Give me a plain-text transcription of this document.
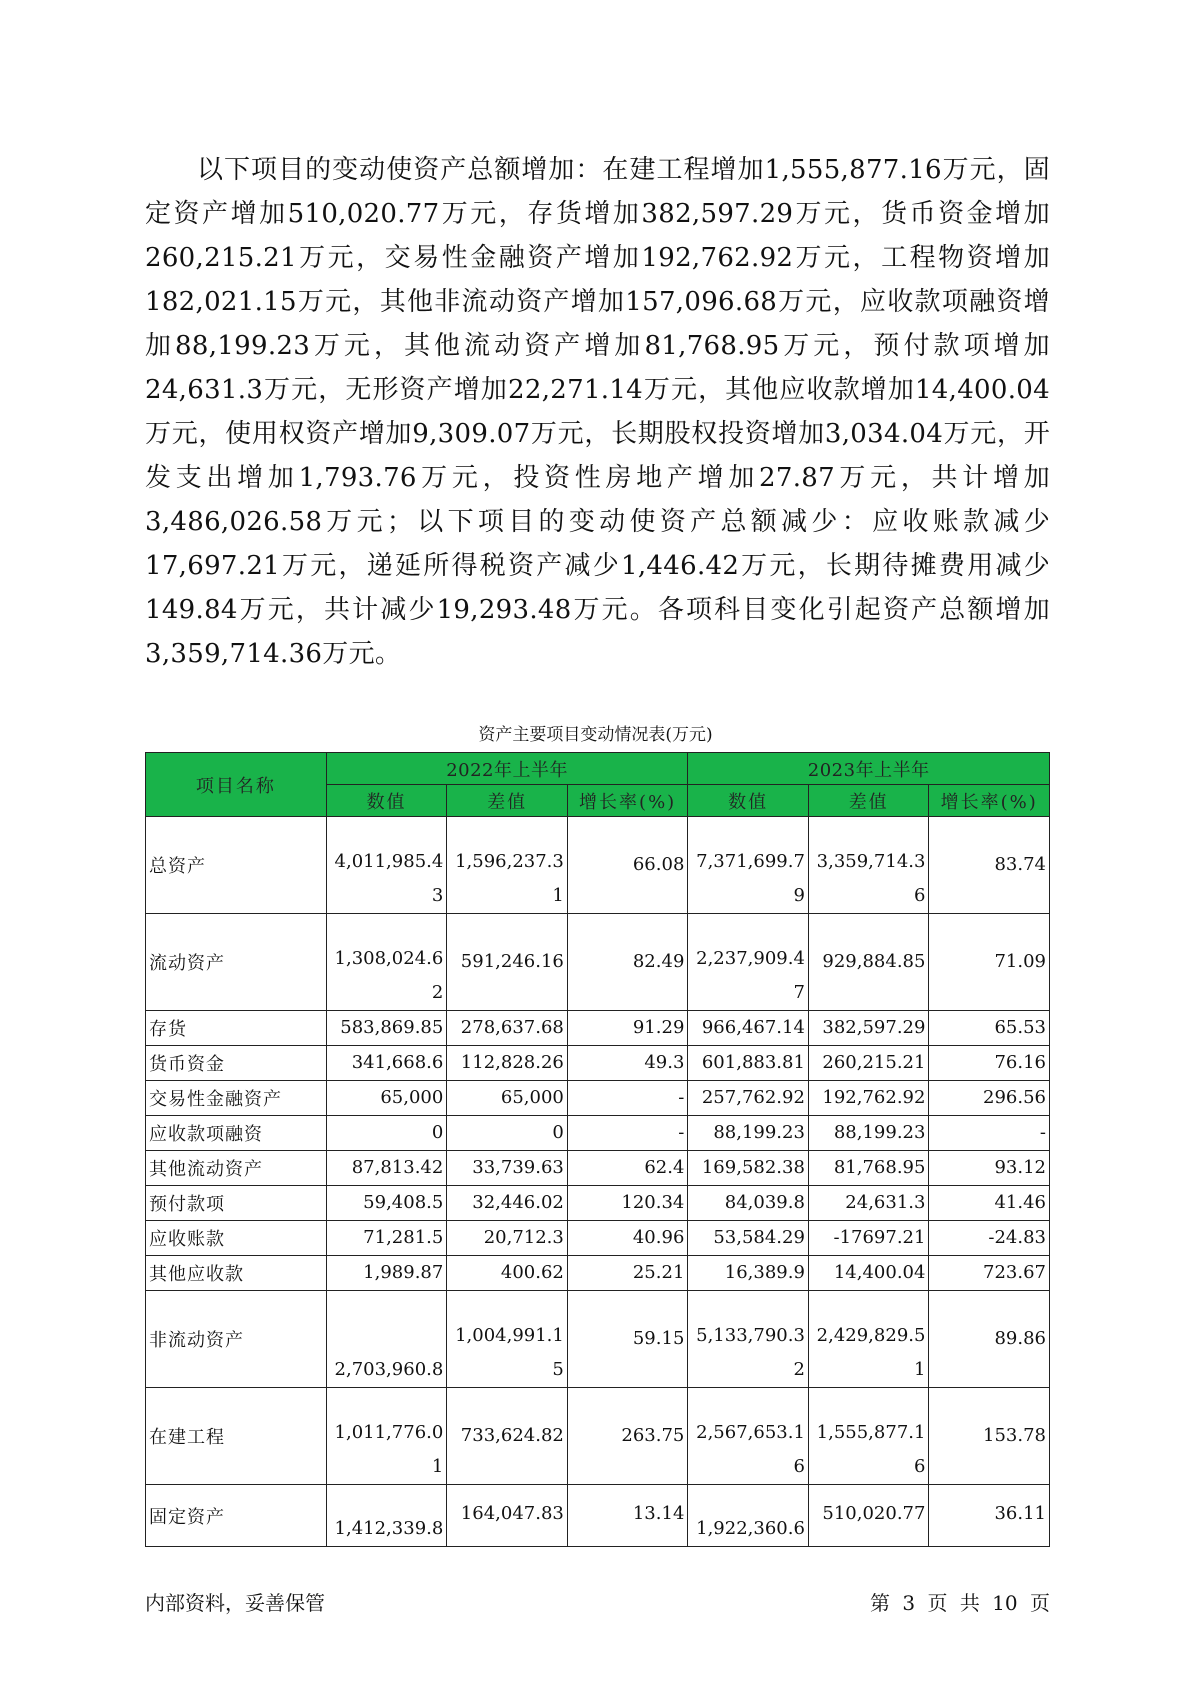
以下项目的变动使资产总额增加：在建工程增加1,555,877.16万元，固定资产增加510,020.77万元，存货增加382,597.29万元，货币资金增加260,215.21万元，交易性金融资产增加192,762.92万元，工程物资增加182,021.15万元，其他非流动资产增加157,096.68万元，应收款项融资增加88,199.23万元，其他流动资产增加81,768.95万元，预付款项增加24,631.3万元，无形资产增加22,271.14万元，其他应收款增加14,400.04万元，使用权资产增加9,309.07万元，长期股权投资增加3,034.04万元，开发支出增加1,793.76万元，投资性房地产增加27.87万元，共计增加3,486,026.58万元；以下项目的变动使资产总额减少：应收账款减少17,697.21万元，递延所得税资产减少1,446.42万元，长期待摊费用减少149.84万元，共计减少19,293.48万元。各项科目变化引起资产总额增加3,359,714.36万元。

资产主要项目变动情况表(万元)
项目名称	2022年上半年			2023年上半年		
	数值	差值	增长率(%)	数值	差值	增长率(%)
总资产	4,011,985.43	1,596,237.31	66.08	7,371,699.79	3,359,714.36	83.74
流动资产	1,308,024.62	591,246.16	82.49	2,237,909.47	929,884.85	71.09
存货	583,869.85	278,637.68	91.29	966,467.14	382,597.29	65.53
货币资金	341,668.6	112,828.26	49.3	601,883.81	260,215.21	76.16
交易性金融资产	65,000	65,000	-	257,762.92	192,762.92	296.56
应收款项融资	0	0	-	88,199.23	88,199.23	-
其他流动资产	87,813.42	33,739.63	62.4	169,582.38	81,768.95	93.12
预付款项	59,408.5	32,446.02	120.34	84,039.8	24,631.3	41.46
应收账款	71,281.5	20,712.3	40.96	53,584.29	-17697.21	-24.83
其他应收款	1,989.87	400.62	25.21	16,389.9	14,400.04	723.67
非流动资产	2,703,960.8	1,004,991.15	59.15	5,133,790.32	2,429,829.51	89.86
在建工程	1,011,776.01	733,624.82	263.75	2,567,653.16	1,555,877.16	153.78
固定资产	1,412,339.8	164,047.83	13.14	1,922,360.6	510,020.77	36.11
内部资料，妥善保管	第 3 页 共 10 页
